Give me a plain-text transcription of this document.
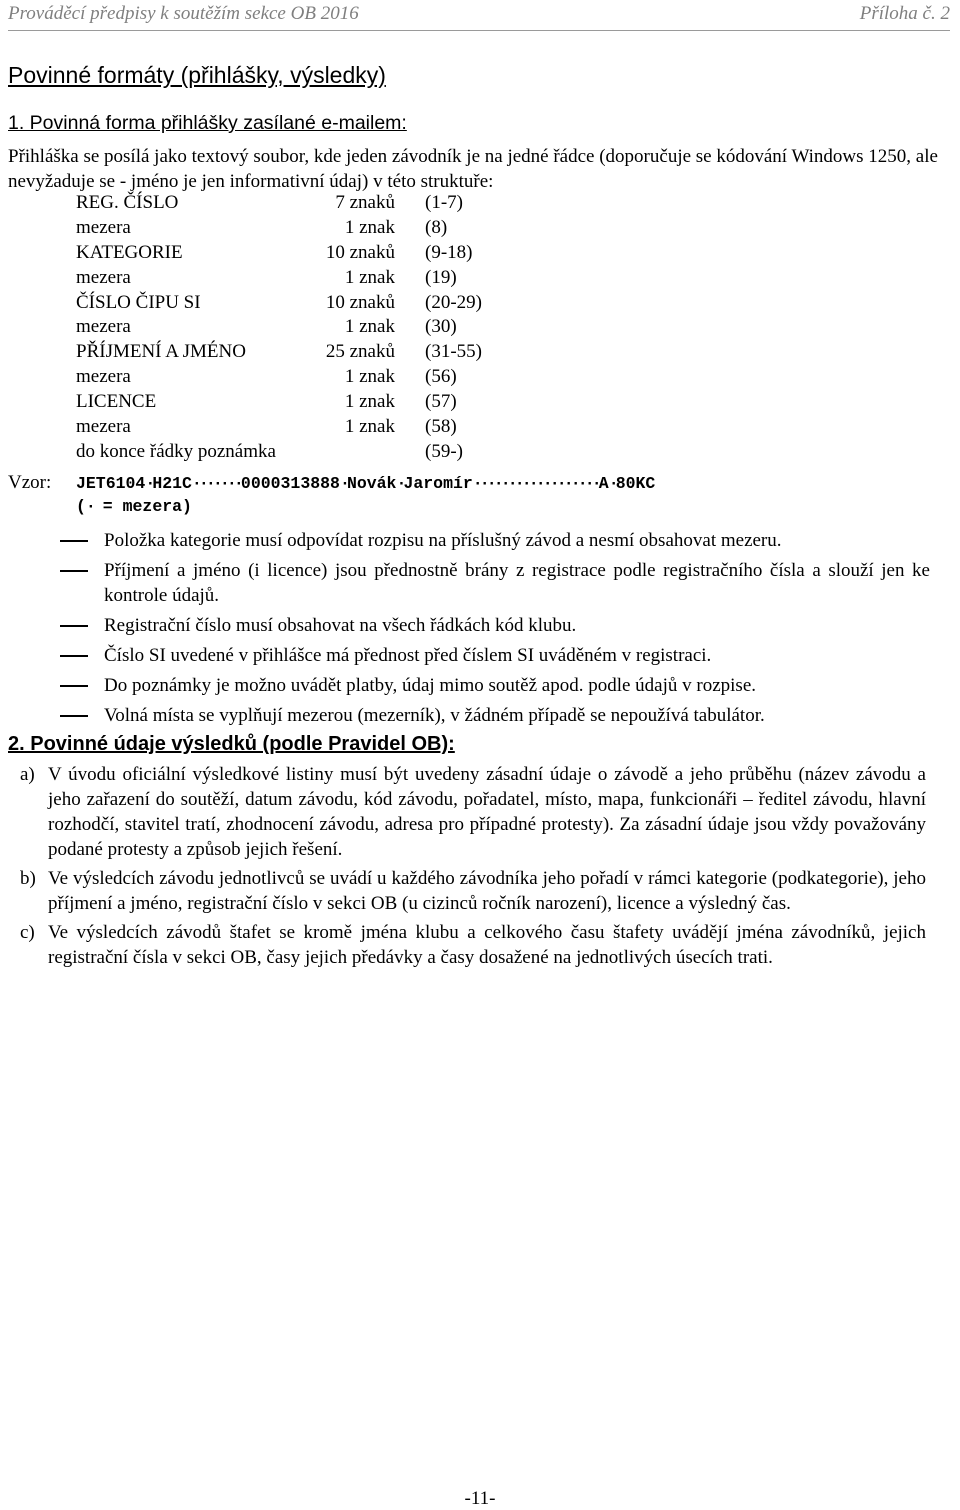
Prováděcí předpisy k soutěžím sekce OB 2016	Příloha č. 2
Povinné formáty (přihlášky, výsledky)
1. Povinná forma přihlášky zasílané e-mailem:
Přihláška se posílá jako textový soubor, kde jeden závodník je na jedné řádce (doporučuje se kódování Windows 1250, ale nevyžaduje se - jméno je jen informativní údaj) v této struktuře:
REG. ČÍSLO	7 znaků (1-7)
mezera	1 znak (8)
KATEGORIE	10 znaků (9-18)
mezera	1 znak (19)
ČÍSLO ČIPU SI	10 znaků (20-29)
mezera	1 znak (30)
PŘÍJMENÍ A JMÉNO	25 znaků (31-55)
mezera	1 znak (56)
LICENCE	1 znak (57)
mezera	1 znak (58)
do konce řádky poznámka	(59-)
Vzor: JET6104·H21C·······0000313888·Novák·Jaromír··················A·80KC
(· = mezera)
Položka kategorie musí odpovídat rozpisu na příslušný závod a nesmí obsahovat mezeru.
Příjmení a jméno (i licence) jsou přednostně brány z registrace podle registračního čísla a slouží jen ke kontrole údajů.
Registrační číslo musí obsahovat na všech řádkách kód klubu.
Číslo SI uvedené v přihlášce má přednost před číslem SI uváděném v registraci.
Do poznámky je možno uvádět platby, údaj mimo soutěž apod. podle údajů v rozpise.
Volná místa se vyplňují mezerou (mezerník), v žádném případě se nepoužívá tabulátor.
2. Povinné údaje výsledků (podle Pravidel OB):
a) V úvodu oficiální výsledkové listiny musí být uvedeny zásadní údaje o závodě a jeho průběhu (název závodu a jeho zařazení do soutěží, datum závodu, kód závodu, pořadatel, místo, mapa, funkcionáři – ředitel závodu, hlavní rozhodčí, stavitel tratí, zhodnocení závodu, adresa pro případné protesty). Za zásadní údaje jsou vždy považovány podané protesty a způsob jejich řešení.
b) Ve výsledcích závodu jednotlivců se uvádí u každého závodníka jeho pořadí v rámci kategorie (podkategorie), jeho příjmení a jméno, registrační číslo v sekci OB (u cizinců ročník narození), licence a výsledný čas.
c) Ve výsledcích závodů štafet se kromě jména klubu a celkového času štafety uvádějí jména závodníků, jejich registrační čísla v sekci OB, časy jejich předávky a časy dosažené na jednotlivých úsecích trati.
-11-
